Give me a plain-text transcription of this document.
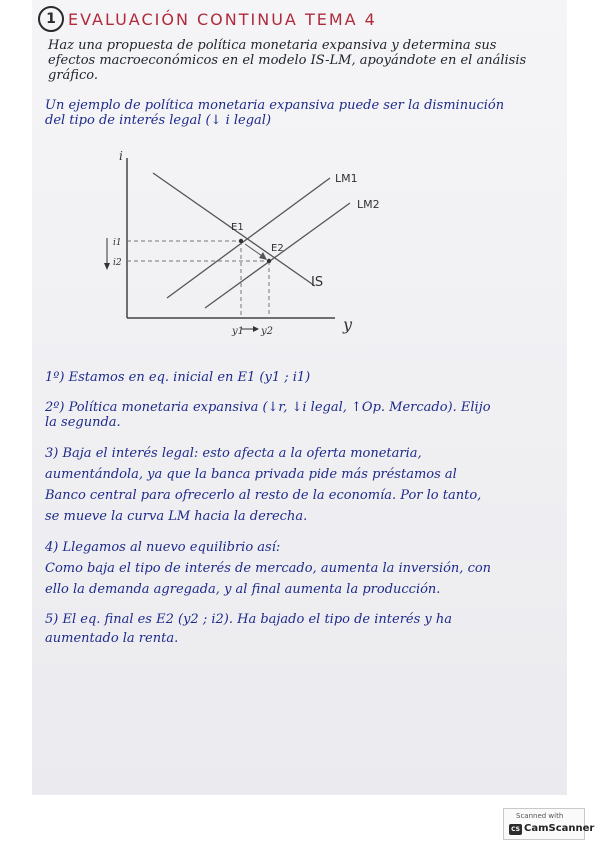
1 EVALUACIÓN CONTINUA TEMA 4
Haz una propuesta de política monetaria expansiva y determina sus
efectos macroeconómicos en el modelo IS-LM, apoyándote en el análisis
gráfico.
Un ejemplo de política monetaria expansiva puede ser la disminución
del tipo de interés legal (↓ i legal)
i
y
IS
LM1
LM2
E1
E2
i1
i2
y1 y2
1º) Estamos en eq. inicial en E1 (y1 ; i1)
2º) Política monetaria expansiva (↓r, ↓i legal, ↑Op. Mercado). Elijo
la segunda.
3) Baja el interés legal: esto afecta a la oferta monetaria,
aumentándola, ya que la banca privada pide más préstamos al
Banco central para ofrecerlo al resto de la economía. Por lo tanto,
se mueve la curva LM hacia la derecha.
4) Llegamos al nuevo equilibrio así:
Como baja el tipo de interés de mercado, aumenta la inversión, con
ello la demanda agregada, y al final aumenta la producción.
5) El eq. final es E2 (y2 ; i2). Ha bajado el tipo de interés y ha
aumentado la renta.
Scanned with
CS CamScanner
